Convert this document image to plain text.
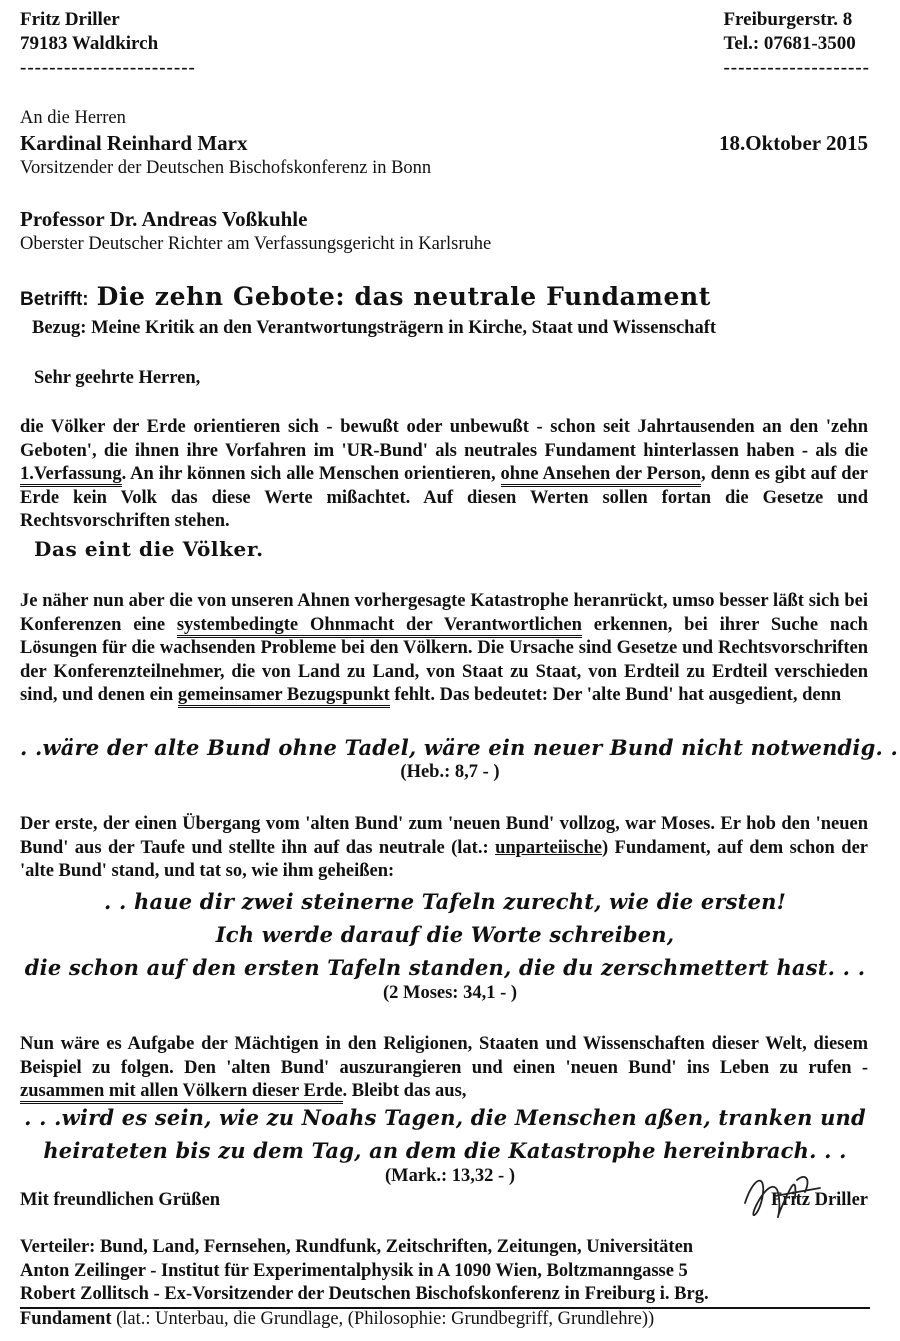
Fritz Driller
79183 Waldkirch
------------------------
Freiburgerstr. 8
Tel.: 07681-3500
--------------------
An die Herren
Kardinal Reinhard Marx	18.Oktober 2015
Vorsitzender der Deutschen Bischofskonferenz in Bonn
Professor Dr. Andreas Voßkuhle
Oberster Deutscher Richter am Verfassungsgericht in Karlsruhe
Betrifft: Die zehn Gebote: das neutrale Fundament
Bezug: Meine Kritik an den Verantwortungsträgern in Kirche, Staat und Wissenschaft
Sehr geehrte Herren,
die Völker der Erde orientieren sich - bewußt oder unbewußt - schon seit Jahrtausenden an den 'zehn Geboten', die ihnen ihre Vorfahren im 'UR-Bund' als neutrales Fundament hinterlassen haben - als die 1.Verfassung. An ihr können sich alle Menschen orientieren, ohne Ansehen der Person, denn es gibt auf der Erde kein Volk das diese Werte mißachtet. Auf diesen Werten sollen fortan die Gesetze und Rechtsvorschriften stehen.
Das eint die Völker.
Je näher nun aber die von unseren Ahnen vorhergesagte Katastrophe heranrückt, umso besser läßt sich bei Konferenzen eine systembedingte Ohnmacht der Verantwortlichen erkennen, bei ihrer Suche nach Lösungen für die wachsenden Probleme bei den Völkern. Die Ursache sind Gesetze und Rechtsvorschriften der Konferenzteilnehmer, die von Land zu Land, von Staat zu Staat, von Erdteil zu Erdteil verschieden sind, und denen ein gemeinsamer Bezugspunkt fehlt. Das bedeutet: Der 'alte Bund' hat ausgedient, denn
. .wäre der alte Bund ohne Tadel, wäre ein neuer Bund nicht notwendig. .
(Heb.: 8,7 - )
Der erste, der einen Übergang vom 'alten Bund' zum 'neuen Bund' vollzog, war Moses. Er hob den 'neuen Bund' aus der Taufe und stellte ihn auf das neutrale (lat.: unparteiische) Fundament, auf dem schon der 'alte Bund' stand, und tat so, wie ihm geheißen:
. . haue dir zwei steinerne Tafeln zurecht, wie die ersten!
Ich werde darauf die Worte schreiben,
die schon auf den ersten Tafeln standen, die du zerschmettert hast. . .
(2 Moses: 34,1 - )
Nun wäre es Aufgabe der Mächtigen in den Religionen, Staaten und Wissenschaften dieser Welt, diesem Beispiel zu folgen. Den 'alten Bund' auszurangieren und einen 'neuen Bund' ins Leben zu rufen - zusammen mit allen Völkern dieser Erde. Bleibt das aus,
. . .wird es sein, wie zu Noahs Tagen, die Menschen aßen, tranken und
heirateten bis zu dem Tag, an dem die Katastrophe hereinbrach. . .
(Mark.: 13,32 - )
Mit freundlichen Grüßen	Fritz Driller
Verteiler: Bund, Land, Fernsehen, Rundfunk, Zeitschriften, Zeitungen, Universitäten
Anton Zeilinger - Institut für Experimentalphysik in A 1090 Wien, Boltzmanngasse 5
Robert Zollitsch - Ex-Vorsitzender der Deutschen Bischofskonferenz in Freiburg i. Brg.
Fundament (lat.: Unterbau, die Grundlage, (Philosophie: Grundbegriff, Grundlehre))
